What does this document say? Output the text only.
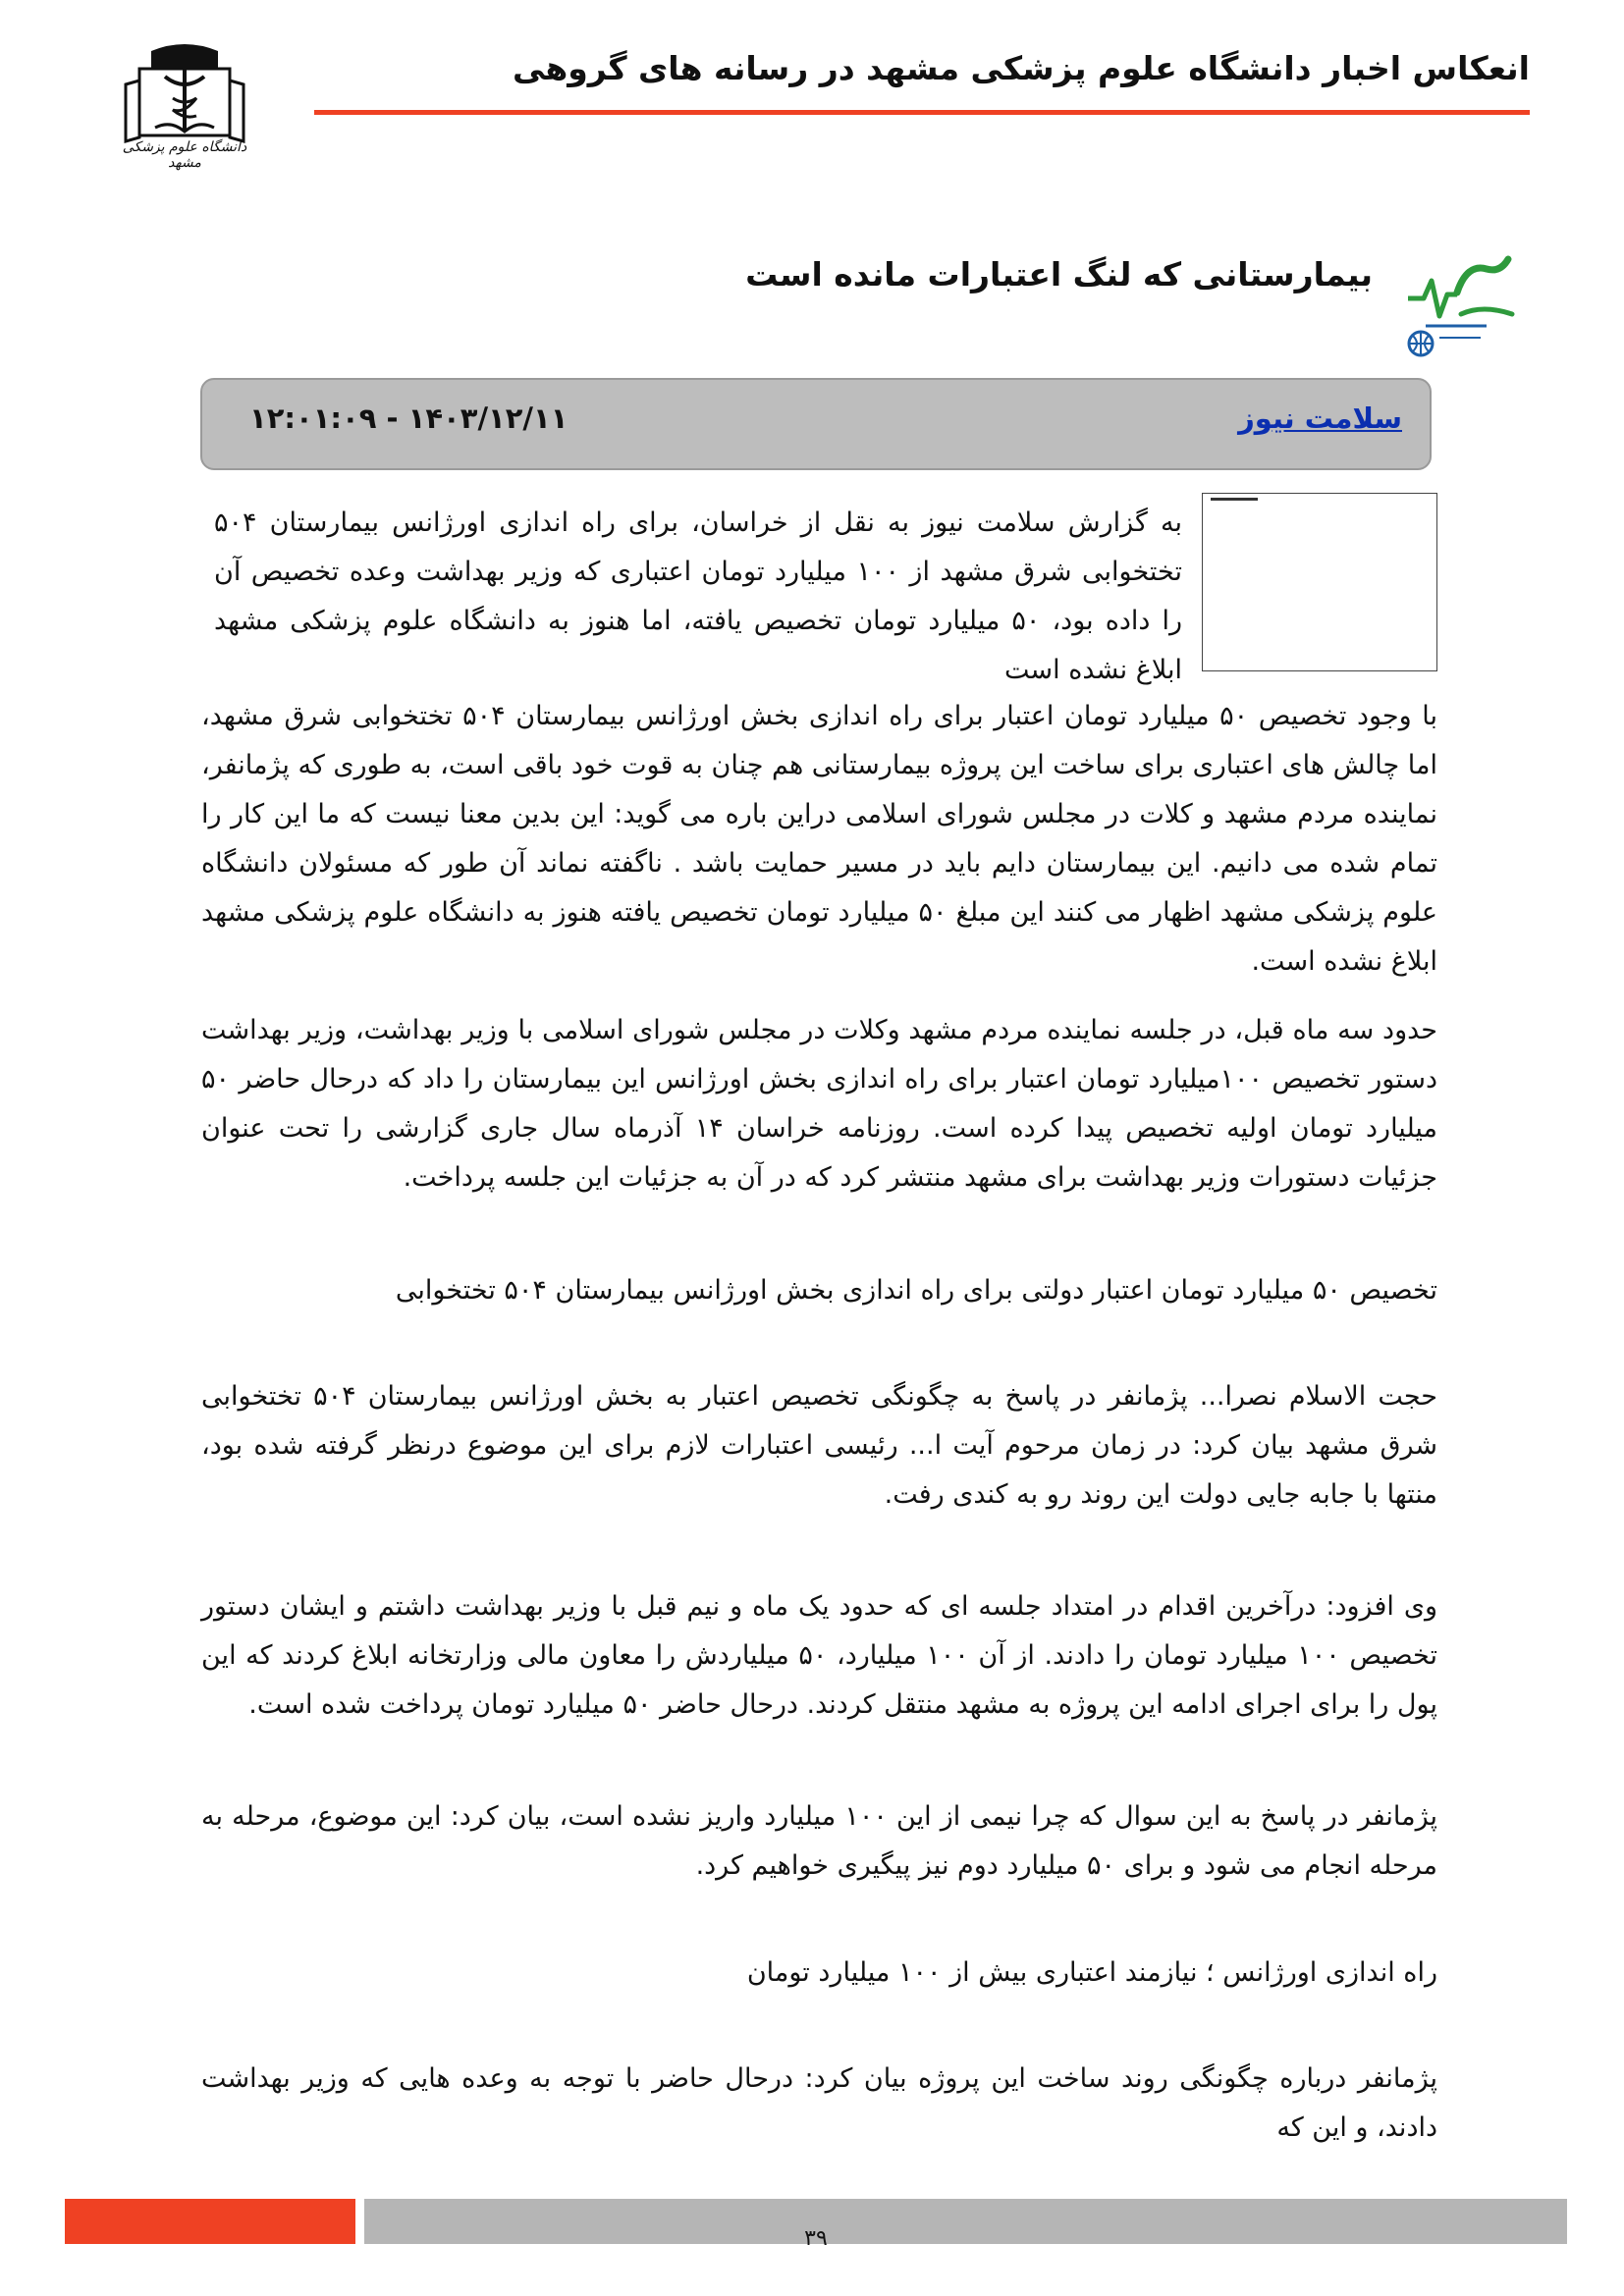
انعکاس اخبار دانشگاه علوم پزشکی مشهد در رسانه های گروهی
دانشگاه علوم پزشکی مشهد
بیمارستانی که لنگ اعتبارات مانده است
سلامت نیوز
۱۴۰۳/۱۲/۱۱ - ۱۲:۰۱:۰۹

به گزارش سلامت نیوز به نقل از خراسان، برای راه اندازی اورژانس بیمارستان ۵۰۴ تختخوابی شرق مشهد از ۱۰۰ میلیارد تومان اعتباری که وزیر بهداشت وعده تخصیص آن را داده بود، ۵۰ میلیارد تومان تخصیص یافته، اما هنوز به دانشگاه علوم پزشکی مشهد ابلاغ نشده است

با وجود تخصیص ۵۰ میلیارد تومان اعتبار برای راه اندازی بخش اورژانس بیمارستان ۵۰۴ تختخوابی شرق مشهد، اما چالش های اعتباری برای ساخت این پروژه بیمارستانی هم چنان به قوت خود باقی است، به طوری که پژمانفر، نماینده مردم مشهد و کلات در مجلس شورای اسلامی دراین باره می گوید: این بدین معنا نیست که ما این کار را تمام شده می دانیم. این بیمارستان دایم باید در مسیر حمایت باشد . ناگفته نماند آن طور که مسئولان دانشگاه علوم پزشکی مشهد اظهار می کنند این مبلغ ۵۰ میلیارد تومان تخصیص یافته هنوز به دانشگاه علوم پزشکی مشهد ابلاغ نشده است.

حدود سه ماه قبل، در جلسه نماینده مردم مشهد وکلات در مجلس شورای اسلامی با وزیر بهداشت، وزیر بهداشت دستور تخصیص ۱۰۰میلیارد تومان اعتبار برای راه اندازی بخش اورژانس این بیمارستان را داد که درحال حاضر ۵۰ میلیارد تومان اولیه تخصیص پیدا کرده است. روزنامه خراسان ۱۴ آذرماه سال جاری گزارشی را تحت عنوان جزئیات دستورات وزیر بهداشت برای مشهد منتشر کرد که در آن به جزئیات این جلسه پرداخت.

تخصیص ۵۰ میلیارد تومان اعتبار دولتی برای راه اندازی بخش اورژانس بیمارستان ۵۰۴ تختخوابی

حجت الاسلام نصرا... پژمانفر در پاسخ به چگونگی تخصیص اعتبار به بخش اورژانس بیمارستان ۵۰۴ تختخوابی شرق مشهد بیان کرد: در زمان مرحوم آیت ا... رئیسی اعتبارات لازم برای این موضوع درنظر گرفته شده بود، منتها با جابه جایی دولت این روند رو به کندی رفت.

وی افزود: درآخرین اقدام در امتداد جلسه ای که حدود یک ماه و نیم قبل با وزیر بهداشت داشتم و ایشان دستور تخصیص ۱۰۰ میلیارد تومان را دادند. از آن ۱۰۰ میلیارد، ۵۰ میلیاردش را معاون مالی وزارتخانه ابلاغ کردند که این پول را برای اجرای ادامه این پروژه به مشهد منتقل کردند. درحال حاضر ۵۰ میلیارد تومان پرداخت شده است.

پژمانفر در پاسخ به این سوال که چرا نیمی از این ۱۰۰ میلیارد واریز نشده است، بیان کرد: این موضوع، مرحله به مرحله انجام می شود و برای ۵۰ میلیارد دوم نیز پیگیری خواهیم کرد.

راه اندازی اورژانس ؛ نیازمند اعتباری بیش از ۱۰۰ میلیارد تومان

پژمانفر درباره چگونگی روند ساخت این پروژه بیان کرد: درحال حاضر با توجه به وعده هایی که وزیر بهداشت دادند، و این که

۳۹
